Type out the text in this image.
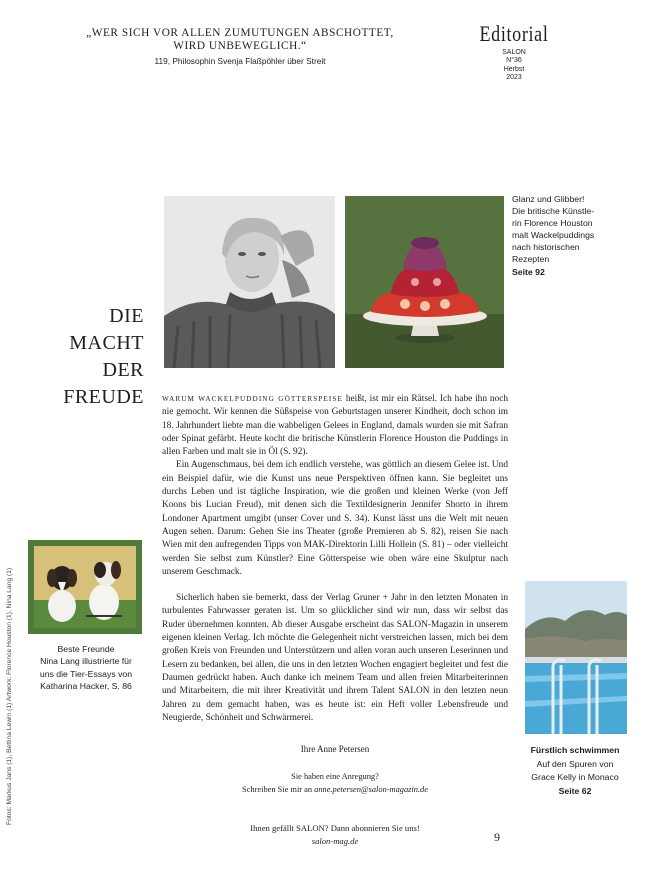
„WER SICH VOR ALLEN ZUMUTUNGEN ABSCHOTTET,
WIRD UNBEWEGLICH.“
119, Philosophin Svenja Flaßpöhler über Streit
Editorial
SALON
N°36
Herbst
2023
Glanz und Glibber!
Die britische Künstle-
rin Florence Houston
malt Wackelpuddings
nach historischen
Rezepten
Seite 92
DIE
MACHT
DER
FREUDE	WARUM WACKELPUDDING GÖTTERSPEISE heißt, ist mir ein Rätsel. Ich habe ihn noch nie gemocht. Wir kennen die Süßspeise von Geburtstagen unserer Kindheit, doch schon im 18. Jahrhundert liebte man die wabbeligen Gelees in England, damals wurden sie mit Safran oder Spinat gefärbt. Heute kocht die britische Künstlerin Florence Houston die Puddings in allen Farben und malt sie in Öl (S. 92).

Ein Augenschmaus, bei dem ich endlich verstehe, was göttlich an diesem Gelee ist. Und ein Beispiel dafür, wie die Kunst uns neue Perspektiven öffnen kann. Sie begleitet uns durchs Leben und ist tägliche Inspiration, wie die großen und kleinen Werke (von Jeff Koons bis Lucian Freud), mit denen sich die Textildesignerin Jennifer Shorto in ihrem Londoner Apartment umgibt (unser Cover und S. 34). Kunst lässt uns die Welt mit neuen Augen sehen. Darum: Gehen Sie ins Theater (große Premieren ab S. 82), reisen Sie nach Wien mit den aufregenden Tipps von MAK-Direktorin Lilli Hollein (S. 81) – oder vielleicht werden Sie selbst zum Künstler? Eine Götterspeise wie oben wäre eine Skulptur nach unserem Geschmack.

Sicherlich haben sie bemerkt, dass der Verlag Gruner + Jahr in den letzten Monaten in turbulentes Fahrwasser geraten ist. Um so glücklicher sind wir nun, dass wir selbst das Ruder übernehmen konnten. Ab dieser Ausgabe erscheint das SALON-Magazin in unserem eigenen kleinen Verlag. Ich möchte die Gelegenheit nicht verstreichen lassen, mich bei dem großen Kreis von Freunden und Unterstützern und allen voran auch unseren Leserinnen und Lesern zu bedanken, bei allen, die uns in den letzten Wochen engagiert begleitet und fest die Daumen gedrückt haben. Auch danke ich meinem Team und allen freien Mitarbeiterinnen und Mitarbeitern, die mit ihrer Kreativität und ihrem Talent SALON in den letzten neun Jahren zu dem gemacht haben, was es heute ist: ein Heft voller Lebensfreude und Neugierde, Schönheit und Schwärmerei.

Beste Freunde
Nina Lang illustrierte für
uns die Tier-Essays von
Katharina Hacker, S. 86
Fürstlich schwimmen
Auf den Spuren von
Grace Kelly in Monaco
Seite 62
Ihre Anne Petersen
Sie haben eine Anregung?
Schreiben Sie mir an anne.petersen@salon-magazin.de
Ihnen gefällt SALON? Dann abonnieren Sie uns!
salon-mag.de	9
Fotos: Markus Jans (1), Bettina Lewin (1) Artwork: Florence Houston (1), Nina Lang (1)
